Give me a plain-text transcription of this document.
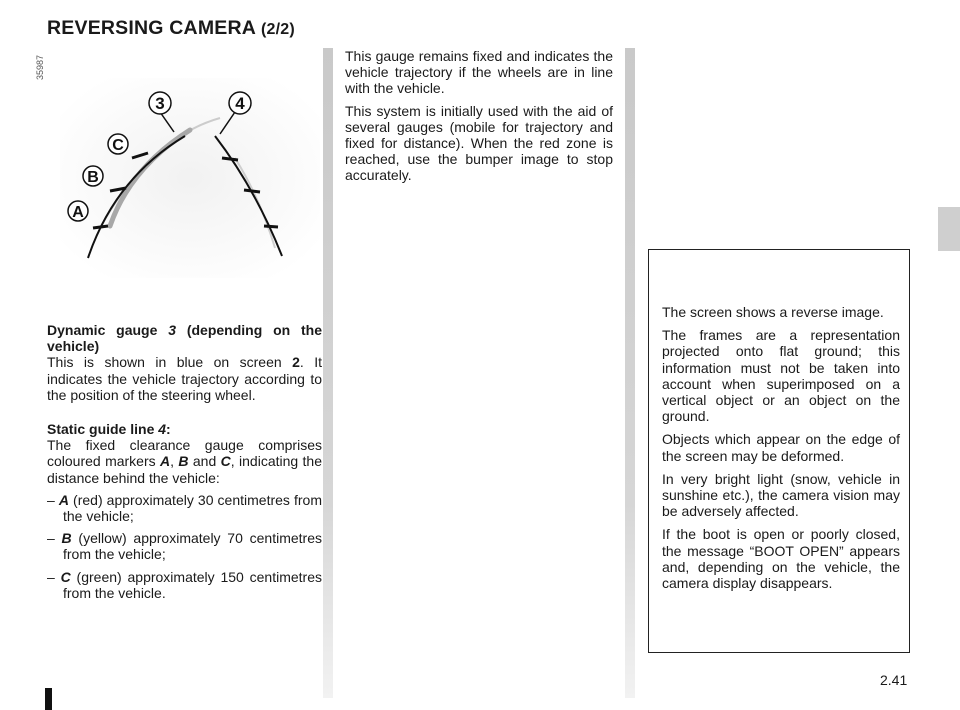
REVERSING CAMERA (2/2)
35987
3	4
C
B
A

Dynamic gauge 3 (depending on the vehicle)
This is shown in blue on screen 2. It indicates the vehicle trajectory according to the position of the steering wheel.

Static guide line 4:
The fixed clearance gauge comprises coloured markers A, B and C, indicating the distance behind the vehicle:

– A (red) approximately 30 centimetres from the vehicle;

– B (yellow) approximately 70 centimetres from the vehicle;

– C (green) approximately 150 centimetres from the vehicle.

This gauge remains fixed and indicates the vehicle trajectory if the wheels are in line with the vehicle.

This system is initially used with the aid of several gauges (mobile for trajectory and fixed for distance). When the red zone is reached, use the bumper image to stop accurately.

The screen shows a reverse image.

The frames are a representation projected onto flat ground; this information must not be taken into account when superimposed on a vertical object or an object on the ground.

Objects which appear on the edge of the screen may be deformed.

In very bright light (snow, vehicle in sunshine etc.), the camera vision may be adversely affected.

If the boot is open or poorly closed, the message “BOOT OPEN” appears and, depending on the vehicle, the camera display disappears.

2.41
